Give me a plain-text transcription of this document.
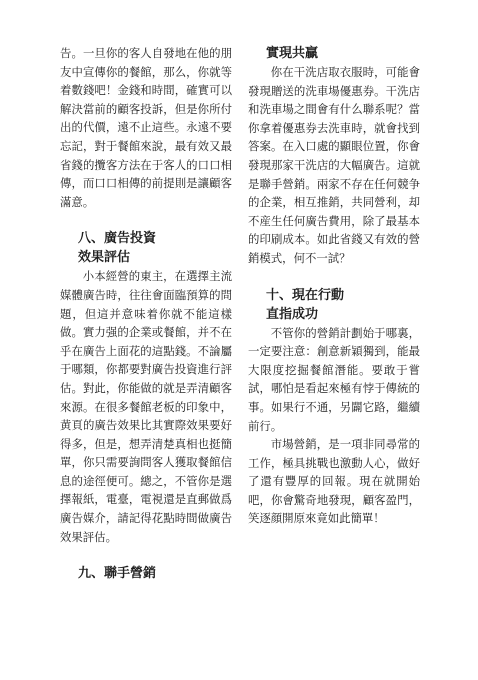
告。一旦你的客人自發地在他的朋友中宣傳你的餐館，那么，你就等着數錢吧！金錢和時間，確實可以解決當前的顧客投訴，但是你所付出的代價，遠不止這些。永遠不要忘記，對于餐館來說，最有效又最省錢的攬客方法在于客人的口口相傳，而口口相傳的前提則是讓顧客滿意。

八、廣告投資
效果評估

小本經營的東主，在選擇主流媒體廣告時，往往會面臨預算的問題，但這并意味着你就不能這樣做。實力强的企業或餐館，并不在乎在廣告上面花的這點錢。不論屬于哪類，你都要對廣告投資進行評估。對此，你能做的就是弄清顧客來源。在很多餐館老板的印象中，黄頁的廣告效果比其實際效果要好得多，但是，想弄清楚真相也挺簡單，你只需要詢問客人獲取餐館信息的途徑便可。總之，不管你是選擇報紙，電臺，電視還是直郵做爲廣告媒介，請記得花點時間做廣告效果評估。

九、聯手營銷
實現共贏

你在干洗店取衣服時，可能會發現贈送的洗車場優惠券。干洗店和洗車場之間會有什么聯系呢？當你拿着優惠券去洗車時，就會找到答案。在入口處的顯眼位置，你會發現那家干洗店的大幅廣告。這就是聯手營銷。兩家不存在任何競争的企業，相互推銷，共同營利，却不産生任何廣告費用，除了最基本的印刷成本。如此省錢又有效的營銷模式，何不一試？

十、現在行動
直指成功

不管你的營銷計劃始于哪裏，一定要注意：創意新穎獨到，能最大限度挖掘餐館潛能。要敢于嘗試，哪怕是看起來極有悖于傳統的事。如果行不通，另闢它路，繼續前行。

市場營銷，是一項非同尋常的工作，極具挑戰也激動人心，做好了還有豐厚的回報。現在就開始吧，你會驚奇地發現，顧客盈門，笑逐顔開原來竟如此簡單！
